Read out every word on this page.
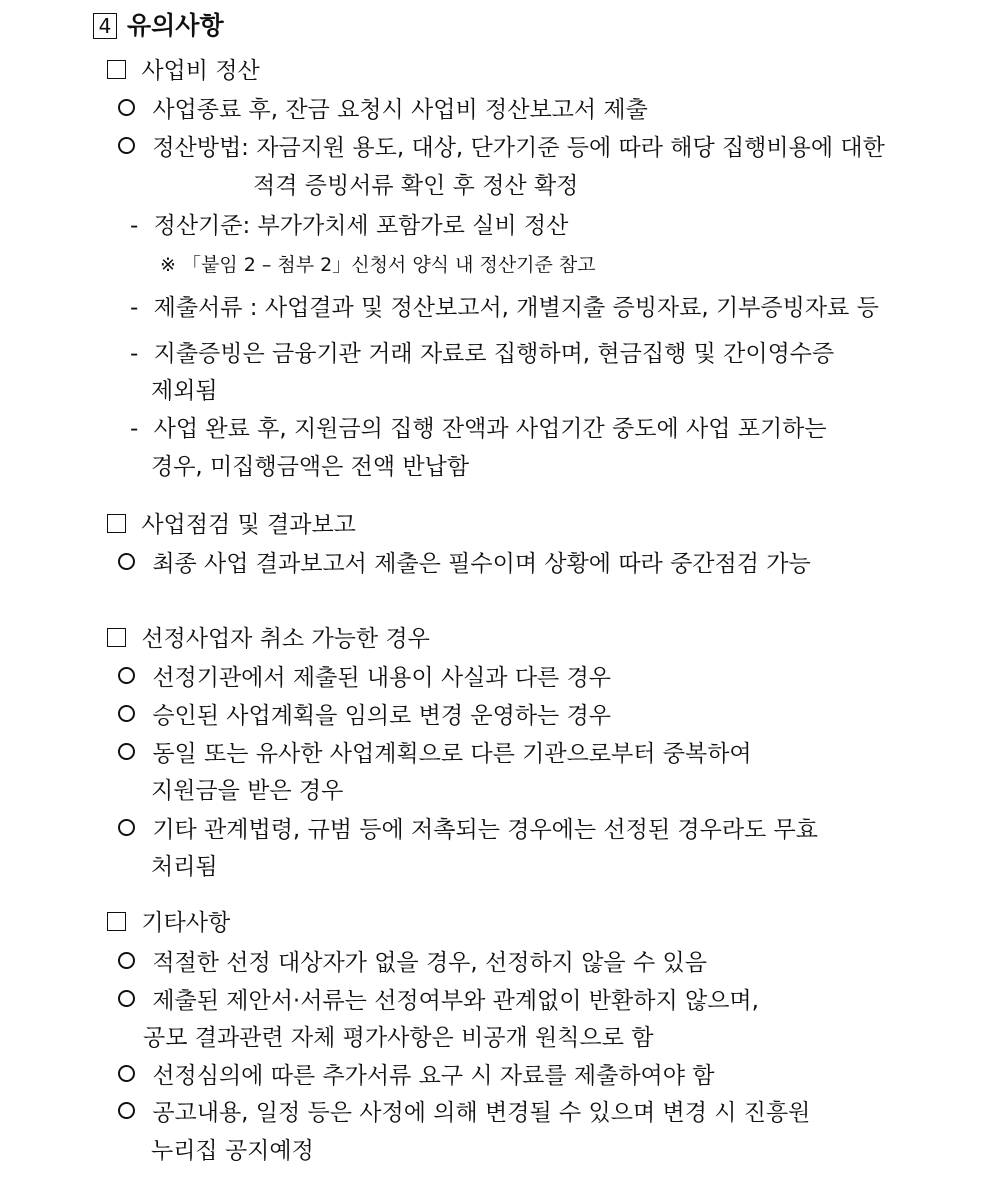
4 유의사항
사업비 정산
사업종료 후, 잔금 요청시 사업비 정산보고서 제출
정산방법: 자금지원 용도, 대상, 단가기준 등에 따라 해당 집행비용에 대한
적격 증빙서류 확인 후 정산 확정
- 정산기준: 부가가치세 포함가로 실비 정산
※ 「붙임 2 – 첨부 2」신청서 양식 내 정산기준 참고
- 제출서류 : 사업결과 및 정산보고서, 개별지출 증빙자료, 기부증빙자료 등
- 지출증빙은 금융기관 거래 자료로 집행하며, 현금집행 및 간이영수증
제외됨
- 사업 완료 후, 지원금의 집행 잔액과 사업기간 중도에 사업 포기하는
경우, 미집행금액은 전액 반납함
사업점검 및 결과보고
최종 사업 결과보고서 제출은 필수이며 상황에 따라 중간점검 가능
선정사업자 취소 가능한 경우
선정기관에서 제출된 내용이 사실과 다른 경우
승인된 사업계획을 임의로 변경 운영하는 경우
동일 또는 유사한 사업계획으로 다른 기관으로부터 중복하여
지원금을 받은 경우
기타 관계법령, 규범 등에 저촉되는 경우에는 선정된 경우라도 무효
처리됨
기타사항
적절한 선정 대상자가 없을 경우, 선정하지 않을 수 있음
제출된 제안서·서류는 선정여부와 관계없이 반환하지 않으며,
공모 결과관련 자체 평가사항은 비공개 원칙으로 함
선정심의에 따른 추가서류 요구 시 자료를 제출하여야 함
공고내용, 일정 등은 사정에 의해 변경될 수 있으며 변경 시 진흥원
누리집 공지예정
